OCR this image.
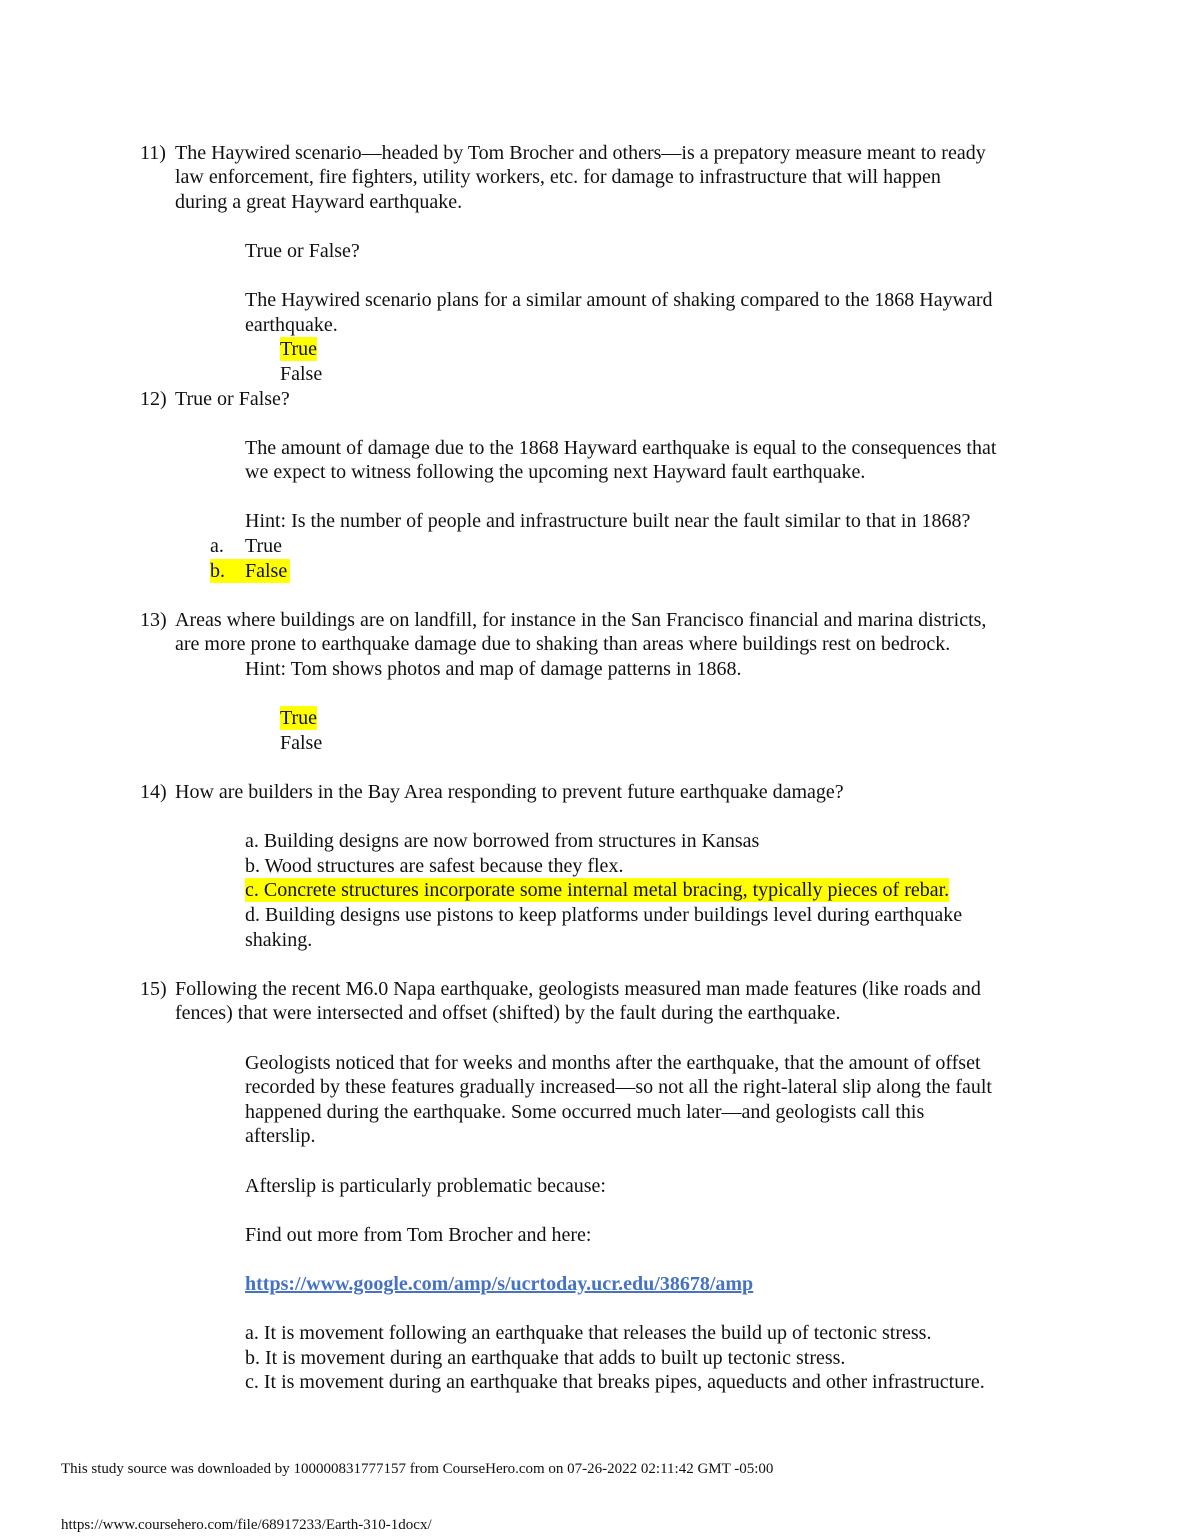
11) The Haywired scenario—headed by Tom Brocher and others—is a prepatory measure meant to ready
law enforcement, fire fighters, utility workers, etc. for damage to infrastructure that will happen
during a great Hayward earthquake.
True or False?
The Haywired scenario plans for a similar amount of shaking compared to the 1868 Hayward
earthquake.
True
False
12) True or False?
The amount of damage due to the 1868 Hayward earthquake is equal to the consequences that
we expect to witness following the upcoming next Hayward fault earthquake.
Hint: Is the number of people and infrastructure built near the fault similar to that in 1868?
a. True
b. False
13) Areas where buildings are on landfill, for instance in the San Francisco financial and marina districts,
are more prone to earthquake damage due to shaking than areas where buildings rest on bedrock.
Hint: Tom shows photos and map of damage patterns in 1868.
True
False
14) How are builders in the Bay Area responding to prevent future earthquake damage?
a. Building designs are now borrowed from structures in Kansas
b. Wood structures are safest because they flex.
c. Concrete structures incorporate some internal metal bracing, typically pieces of rebar.
d. Building designs use pistons to keep platforms under buildings level during earthquake
shaking.
15) Following the recent M6.0 Napa earthquake, geologists measured man made features (like roads and
fences) that were intersected and offset (shifted) by the fault during the earthquake.
Geologists noticed that for weeks and months after the earthquake, that the amount of offset
recorded by these features gradually increased—so not all the right-lateral slip along the fault
happened during the earthquake. Some occurred much later—and geologists call this
afterslip.
Afterslip is particularly problematic because:
Find out more from Tom Brocher and here:
https://www.google.com/amp/s/ucrtoday.ucr.edu/38678/amp
a. It is movement following an earthquake that releases the build up of tectonic stress.
b. It is movement during an earthquake that adds to built up tectonic stress.
c. It is movement during an earthquake that breaks pipes, aqueducts and other infrastructure.
This study source was downloaded by 100000831777157 from CourseHero.com on 07-26-2022 02:11:42 GMT -05:00
https://www.coursehero.com/file/68917233/Earth-310-1docx/
